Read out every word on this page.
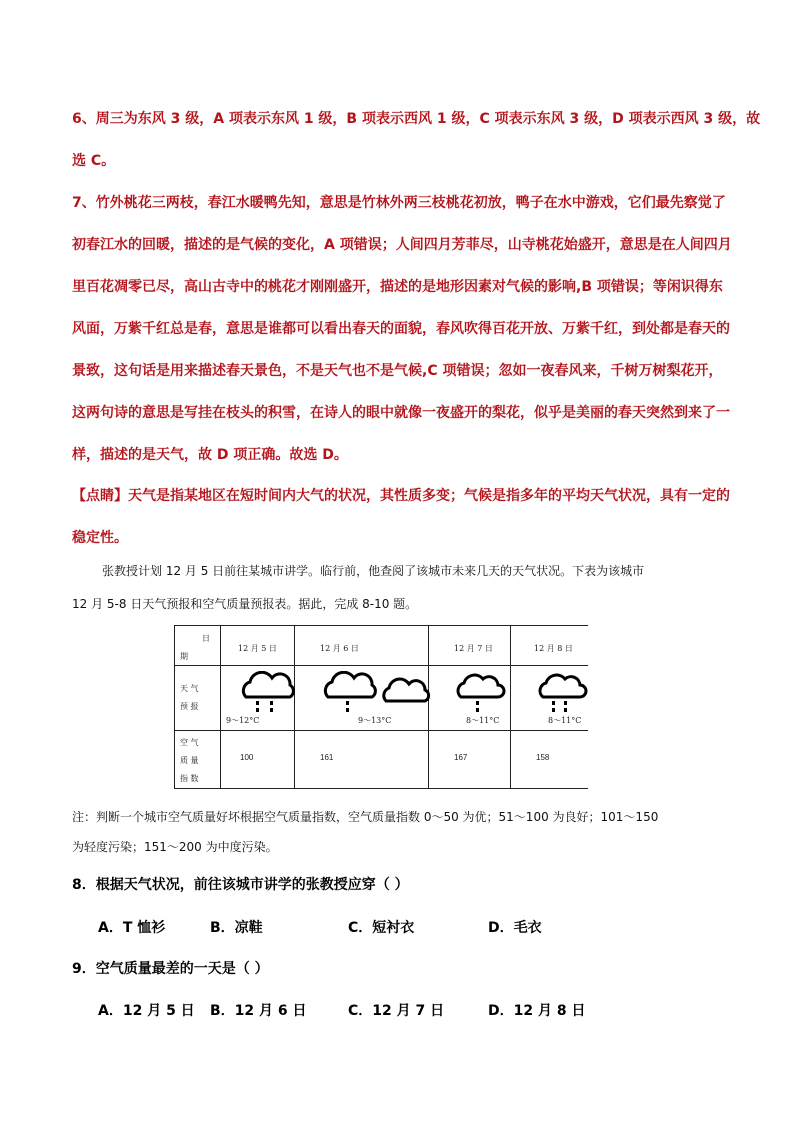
6、周三为东风 3 级，A 项表示东风 1 级，B 项表示西风 1 级，C 项表示东风 3 级，D 项表示西风 3 级，故
选 C。
7、竹外桃花三两枝，春江水暖鸭先知，意思是竹林外两三枝桃花初放，鸭子在水中游戏，它们最先察觉了
初春江水的回暖，描述的是气候的变化，A 项错误；人间四月芳菲尽，山寺桃花始盛开，意思是在人间四月
里百花凋零已尽，高山古寺中的桃花才刚刚盛开，描述的是地形因素对气候的影响,B 项错误；等闲识得东
风面，万紫千红总是春，意思是谁都可以看出春天的面貌，春风吹得百花开放、万紫千红，到处都是春天的
景致，这句话是用来描述春天景色，不是天气也不是气候,C 项错误；忽如一夜春风来，千树万树梨花开，
这两句诗的意思是写挂在枝头的积雪，在诗人的眼中就像一夜盛开的梨花，似乎是美丽的春天突然到来了一
样，描述的是天气，故 D 项正确。故选 D。
【点睛】天气是指某地区在短时间内大气的状况，其性质多变；气候是指多年的平均天气状况，具有一定的
稳定性。
张教授计划 12 月 5 日前往某城市讲学。临行前，他查阅了该城市未来几天的天气状况。下表为该城市
12 月 5-8 日天气预报和空气质量预报表。据此，完成 8-10 题。
日
期
12 月 5 日	12 月 6 日	12 月 7 日	12 月 8 日
天 气
预 报
9～12°C	9～13°C	8～11°C	8～11°C
空 气
质 量
指 数
100	161	167	158
注：判断一个城市空气质量好坏根据空气质量指数，空气质量指数 0～50 为优；51～100 为良好；101～150
为轻度污染；151～200 为中度污染。
8．根据天气状况，前往该城市讲学的张教授应穿（ ）
A．T 恤衫	B．凉鞋	C．短衬衣	D．毛衣
9．空气质量最差的一天是（ ）
A．12 月 5 日 B．12 月 6 日	C．12 月 7 日	D．12 月 8 日
